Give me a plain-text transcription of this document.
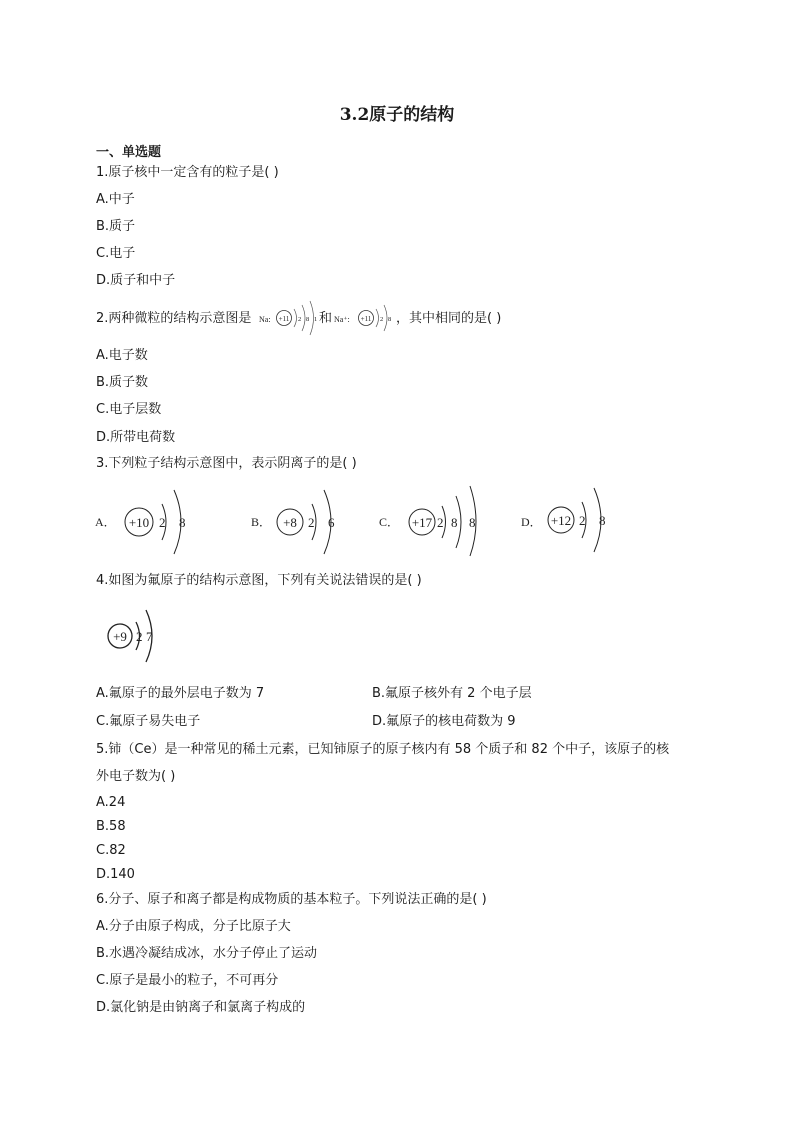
3.2原子的结构
一、单选题
1.原子核中一定含有的粒子是( )
A.中子
B.质子
C.电子
D.质子和中子
2.两种微粒的结构示意图是 Na: +11 2 8 1 和 Na⁺: +11 2 8 ，其中相同的是( )
A.电子数
B.质子数
C.电子层数
D.所带电荷数
3.下列粒子结构示意图中，表示阴离子的是( )
A． +10 2 8	B． +8 2 6	C． +17 2 8 8	D． +12 2 8
4.如图为氟原子的结构示意图，下列有关说法错误的是( )
+9 2 7
A.氟原子的最外层电子数为 7	B.氟原子核外有 2 个电子层
C.氟原子易失电子	D.氟原子的核电荷数为 9
5.铈（Ce）是一种常见的稀土元素，已知铈原子的原子核内有 58 个质子和 82 个中子，该原子的核
外电子数为( )
A.24
B.58
C.82
D.140
6.分子、原子和离子都是构成物质的基本粒子。下列说法正确的是( )
A.分子由原子构成，分子比原子大
B.水遇冷凝结成冰，水分子停止了运动
C.原子是最小的粒子，不可再分
D.氯化钠是由钠离子和氯离子构成的
